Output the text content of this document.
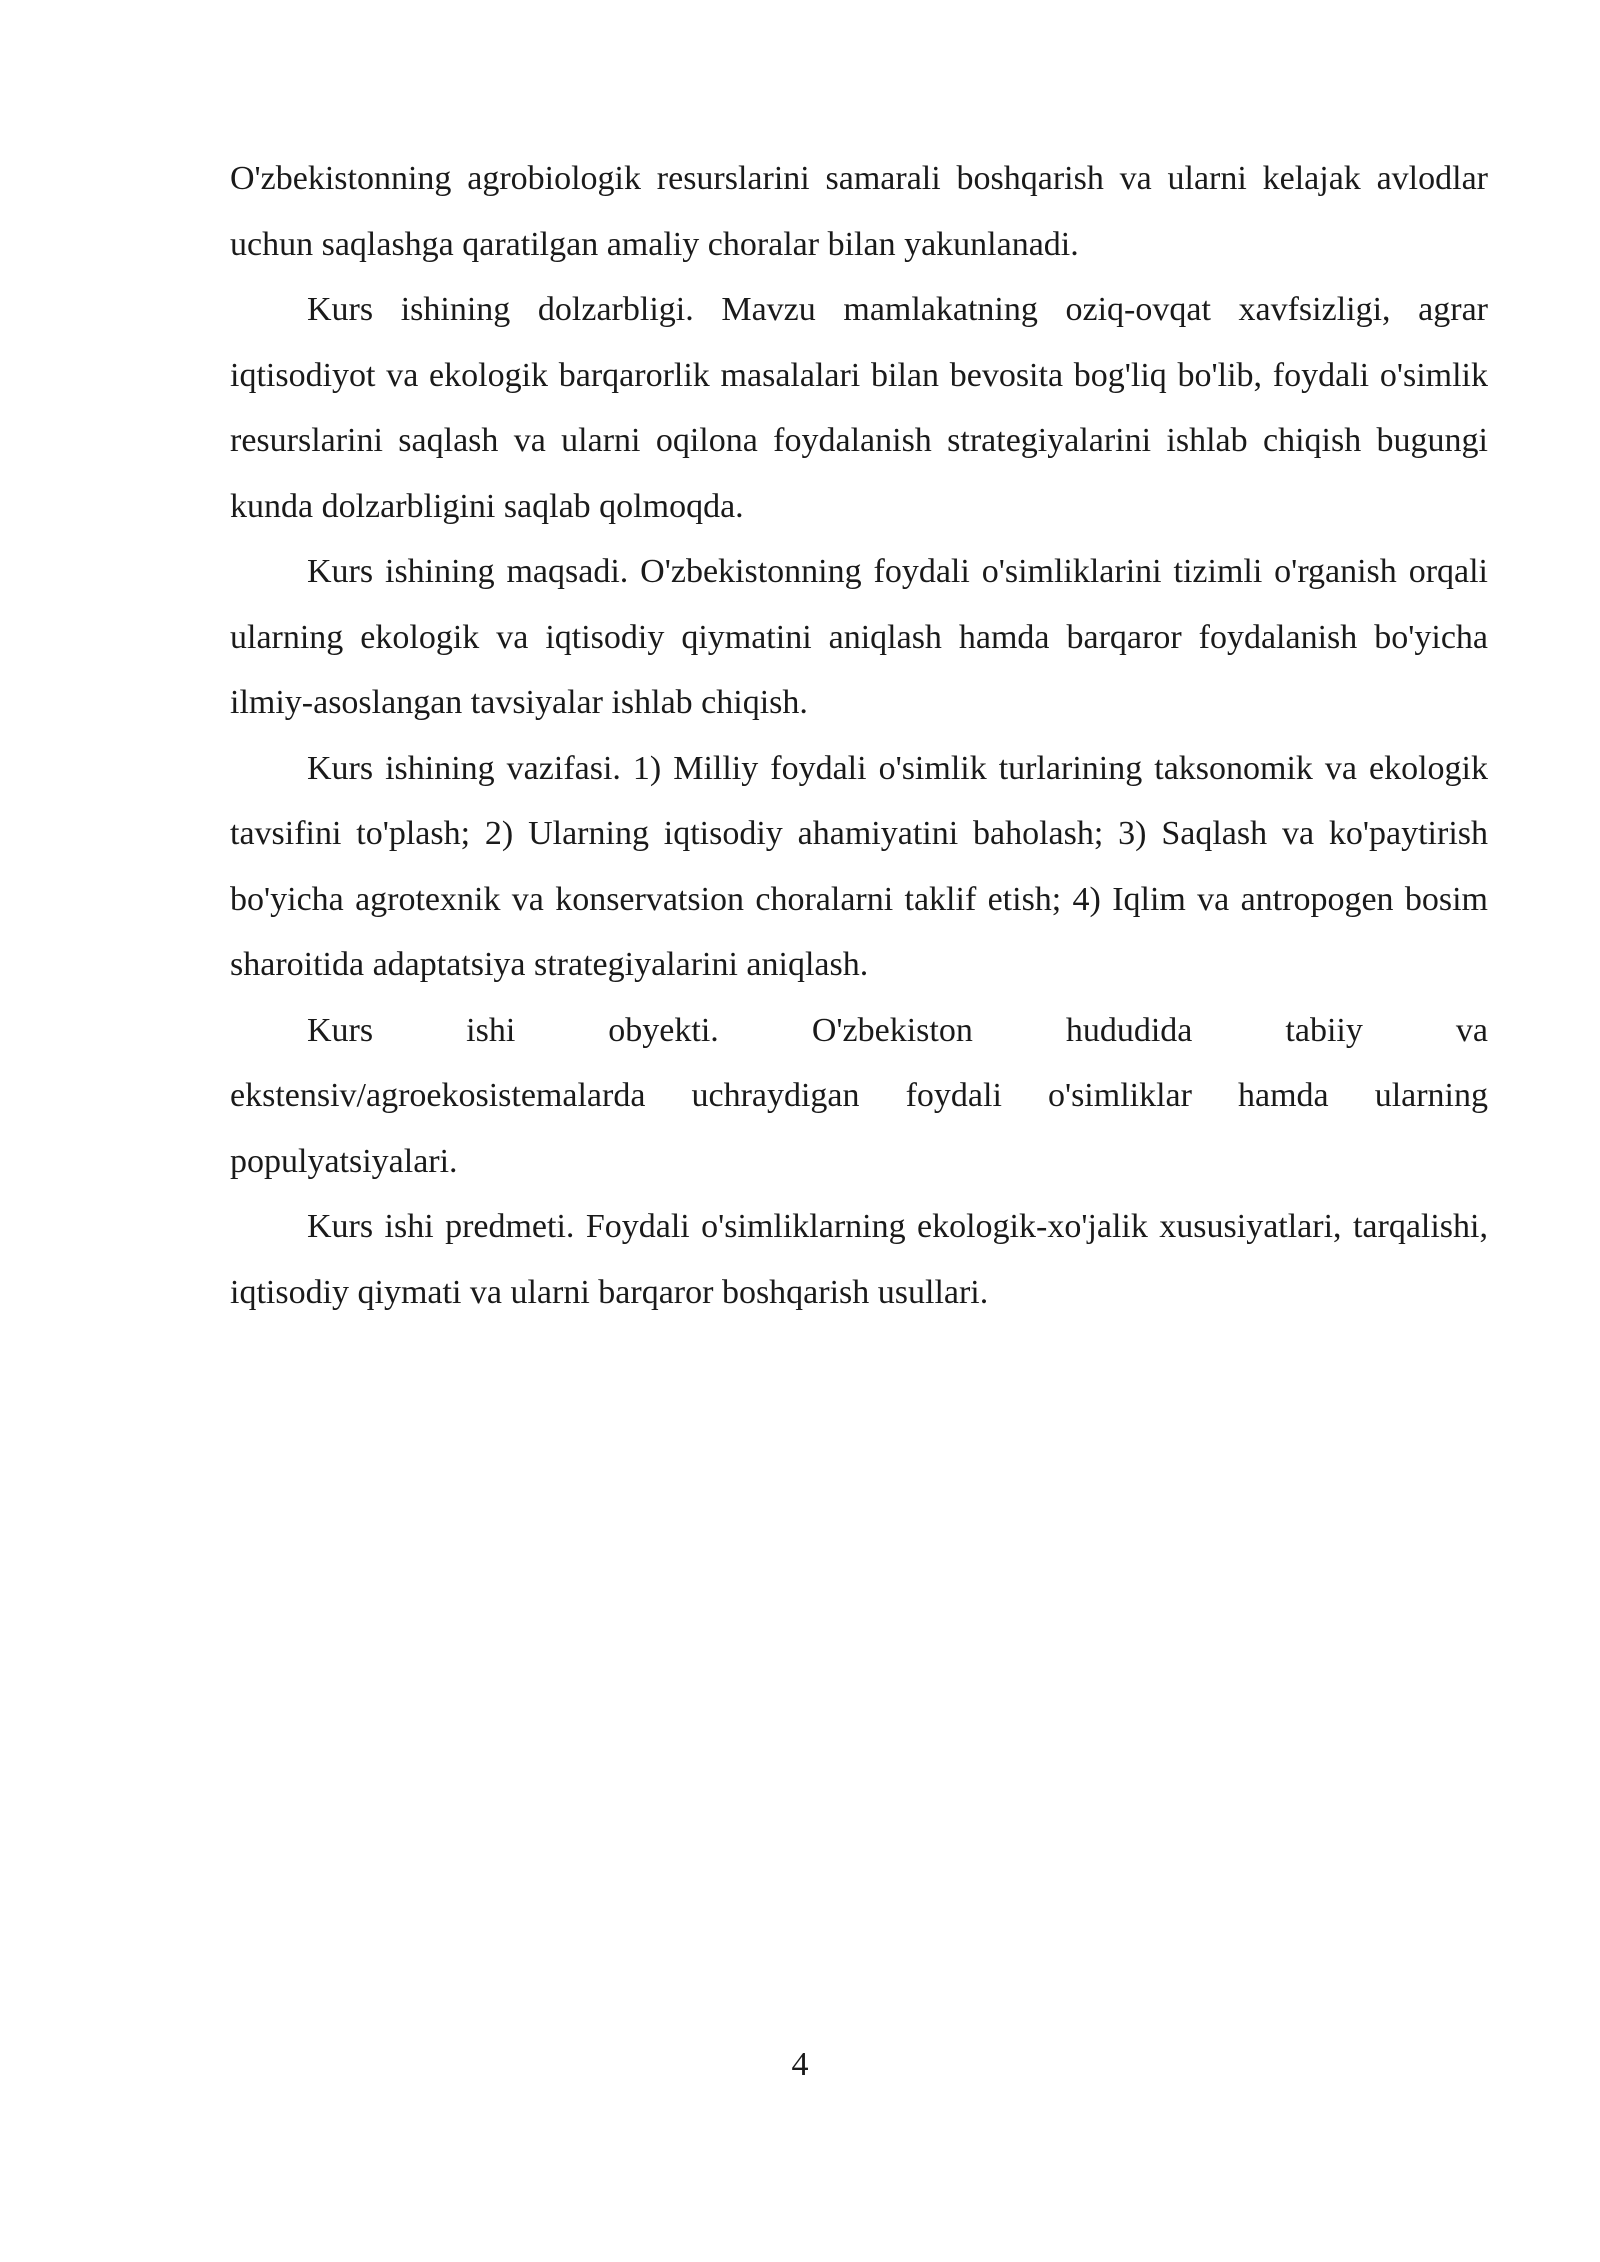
O'zbekistonning agrobiologik resurslarini samarali boshqarish va ularni kelajak avlodlar uchun saqlashga qaratilgan amaliy choralar bilan yakunlanadi.

Kurs ishining dolzarbligi. Mavzu mamlakatning oziq-ovqat xavfsizligi, agrar iqtisodiyot va ekologik barqarorlik masalalari bilan bevosita bog'liq bo'lib, foydali o'simlik resurslarini saqlash va ularni oqilona foydalanish strategiyalarini ishlab chiqish bugungi kunda dolzarbligini saqlab qolmoqda.

Kurs ishining maqsadi. O'zbekistonning foydali o'simliklarini tizimli o'rganish orqali ularning ekologik va iqtisodiy qiymatini aniqlash hamda barqaror foydalanish bo'yicha ilmiy-asoslangan tavsiyalar ishlab chiqish.

Kurs ishining vazifasi. 1) Milliy foydali o'simlik turlarining taksonomik va ekologik tavsifini to'plash; 2) Ularning iqtisodiy ahamiyatini baholash; 3) Saqlash va ko'paytirish bo'yicha agrotexnik va konservatsion choralarni taklif etish; 4) Iqlim va antropogen bosim sharoitida adaptatsiya strategiyalarini aniqlash.

Kurs ishi obyekti. O'zbekiston hududida tabiiy va

ekstensiv/agroekosistemalarda uchraydigan foydali o'simliklar hamda ularning populyatsiyalari.

Kurs ishi predmeti. Foydali o'simliklarning ekologik-xo'jalik xususiyatlari, tarqalishi, iqtisodiy qiymati va ularni barqaror boshqarish usullari.

4
